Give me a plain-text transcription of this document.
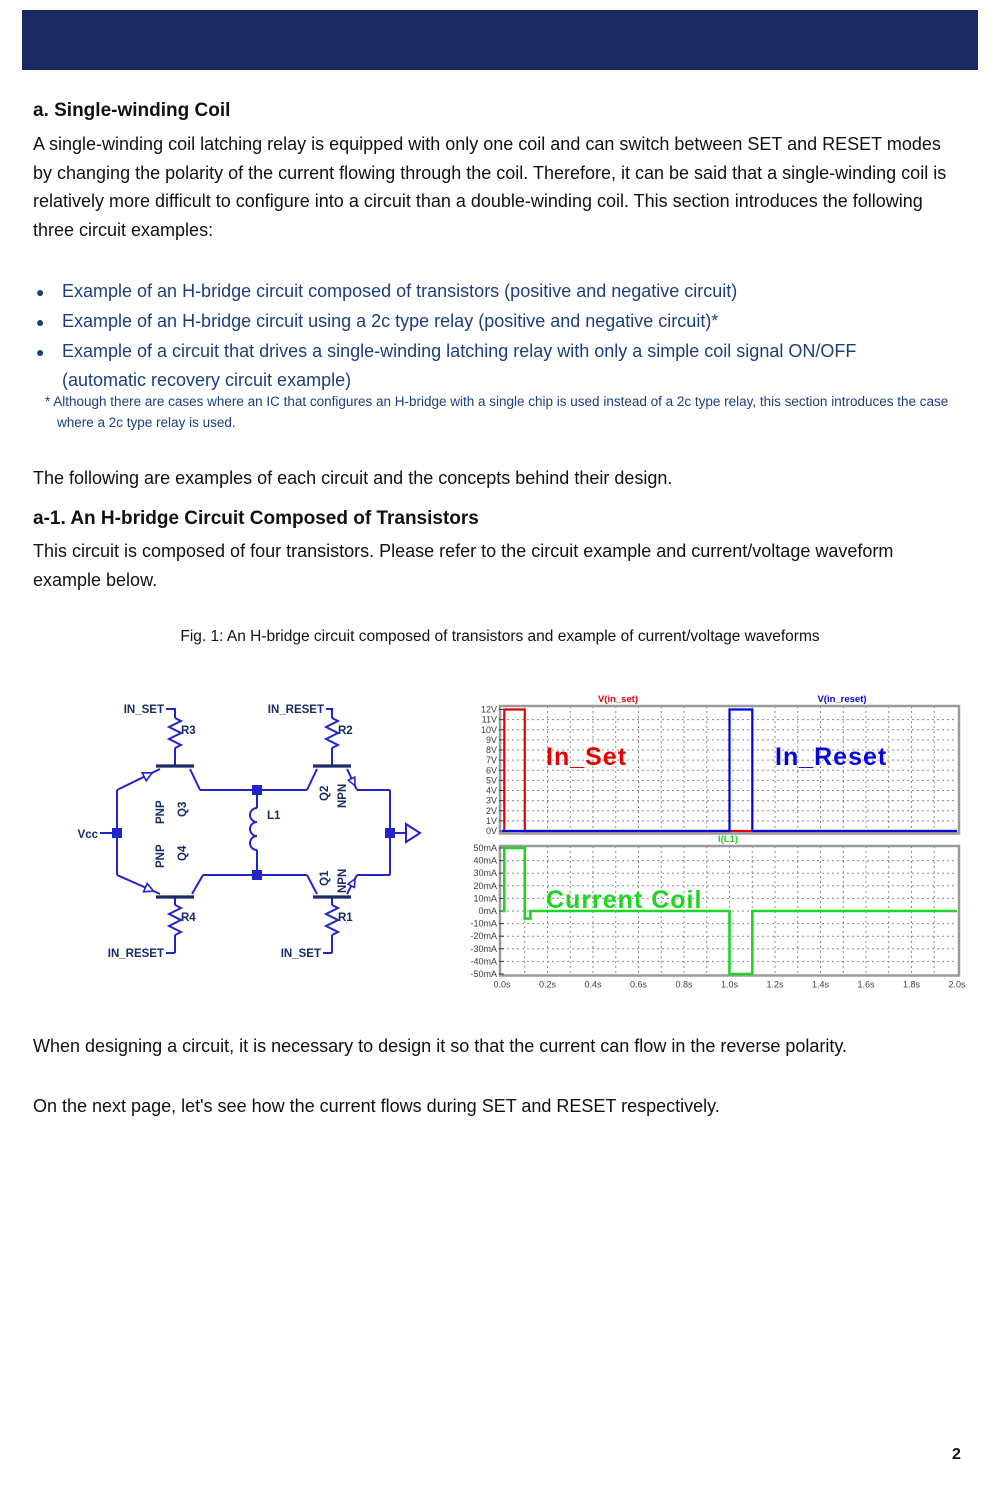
a. Single-winding Coil

A single-winding coil latching relay is equipped with only one coil and can switch between SET and RESET modes by changing the polarity of the current flowing through the coil. Therefore, it can be said that a single-winding coil is relatively more difficult to configure into a circuit than a double-winding coil. This section introduces the following three circuit examples:

● Example of an H-bridge circuit composed of transistors (positive and negative circuit)
● Example of an H-bridge circuit using a 2c type relay (positive and negative circuit)*
● Example of a circuit that drives a single-winding latching relay with only a simple coil signal ON/OFF (automatic recovery circuit example)

* Although there are cases where an IC that configures an H-bridge with a single chip is used instead of a 2c type relay, this section introduces the case where a 2c type relay is used.

The following are examples of each circuit and the concepts behind their design.

a-1. An H-bridge Circuit Composed of Transistors

This circuit is composed of four transistors. Please refer to the circuit example and current/voltage waveform example below.

Fig. 1: An H-bridge circuit composed of transistors and example of current/voltage waveforms

IN_SET
R3
IN_RESET
R2
Vcc
L1
PNP Q3
PNP Q4
Q2 NPN
Q1 NPN
R4	R1
IN_RESET	IN_SET
12V
11V
10V
9V
8V
7V
6V
5V
4V
3V
2V
1V
0V
V(in_set)
In_Set
V(in_reset)
In_Reset
50mA
40mA
30mA
20mA
10mA
0mA
-10mA
-20mA
-30mA
-40mA
-50mA
0.0s	0.2s	0.4s	0.6s	0.8s	1.0s	1.2s	1.4s	1.6s	1.8s	2.0s
I(L1)
Current Coil

When designing a circuit, it is necessary to design it so that the current can flow in the reverse polarity.

On the next page, let's see how the current flows during SET and RESET respectively.

2
